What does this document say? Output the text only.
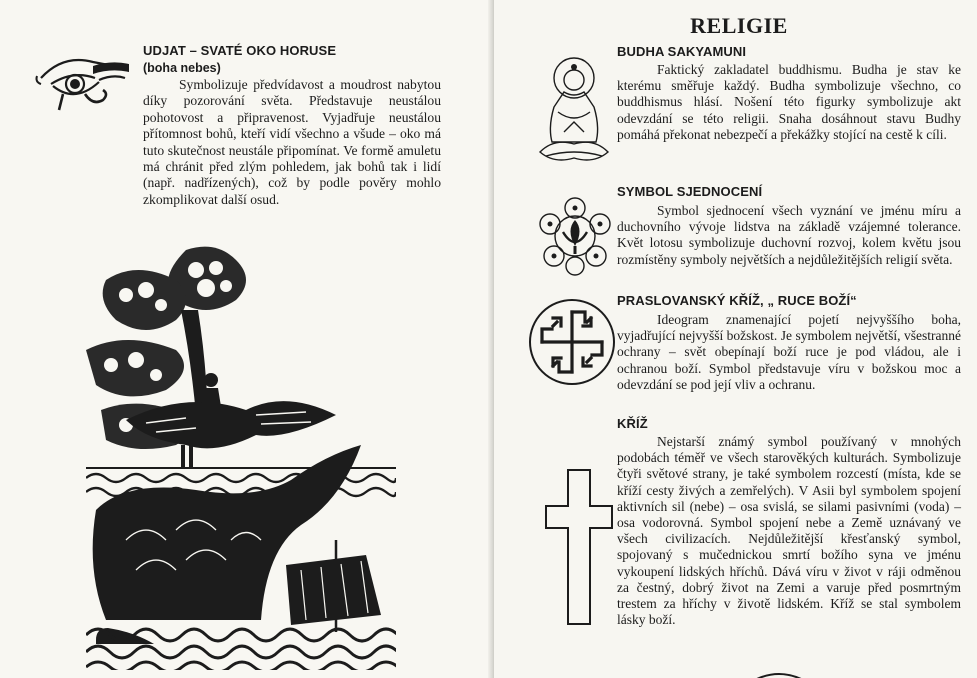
UDJAT – SVATÉ OKO HORUSE
(boha nebes)

Symbolizuje předvídavost a moudrost nabytou díky pozorování světa. Představuje neustálou pohotovost a připravenost. Vyjadřuje neustálou přítomnost bohů, kteří vidí všechno a všude – oko má tuto skutečnost neustále připomínat. Ve formě amuletu má chránit před zlým pohledem, jak bohů tak i lidí (např. nadřízených), což by podle pověry mohlo zkomplikovat další osud.

RELIGIE
BUDHA SAKYAMUNI

Faktický zakladatel buddhismu. Budha je stav ke kterému směřuje každý. Budha symbolizuje všechno, co buddhismus hlásí. Nošení této figurky symbolizuje akt odevzdání se této religii. Snaha dosáhnout stavu Budhy pomáhá překonat nebezpečí a překážky stojící na cestě k cíli.

SYMBOL SJEDNOCENÍ

Symbol sjednocení všech vyznání ve jménu míru a duchovního vývoje lidstva na základě vzájemné tolerance. Květ lotosu symbolizuje duchovní rozvoj, kolem květu jsou rozmístěny symboly největších a nejdůležitějších religií světa.

PRASLOVANSKÝ KŘÍŽ, „ RUCE BOŽÍ“

Ideogram znamenající pojetí nejvyššího boha, vyjadřující nejvyšší božskost. Je symbolem největší, všestranné ochrany – svět obepínají boží ruce je pod vládou, ale i ochranou boží. Symbol představuje víru v božskou moc a odevzdání se pod její vliv a ochranu.

KŘÍŽ

Nejstarší známý symbol používaný v mnohých podobách téměř ve všech starověkých kulturách. Symbolizuje čtyři světové strany, je také symbolem rozcestí (místa, kde se kříží cesty živých a zemřelých). V Asii byl symbolem spojení aktivních sil (nebe) – osa svislá, se silami pasivními (voda) – osa vodorovná. Symbol spojení nebe a Země uznávaný ve všech civilizacích. Nejdůležitější křesťanský symbol, spojovaný s mučednickou smrtí božího syna ve jménu vykoupení lidských hříchů. Dává víru v život v ráji odměnou za čestný, dobrý život na Zemi a varuje před posmrtným trestem za hříchy v životě lidském. Kříž se stal symbolem lásky boží.
